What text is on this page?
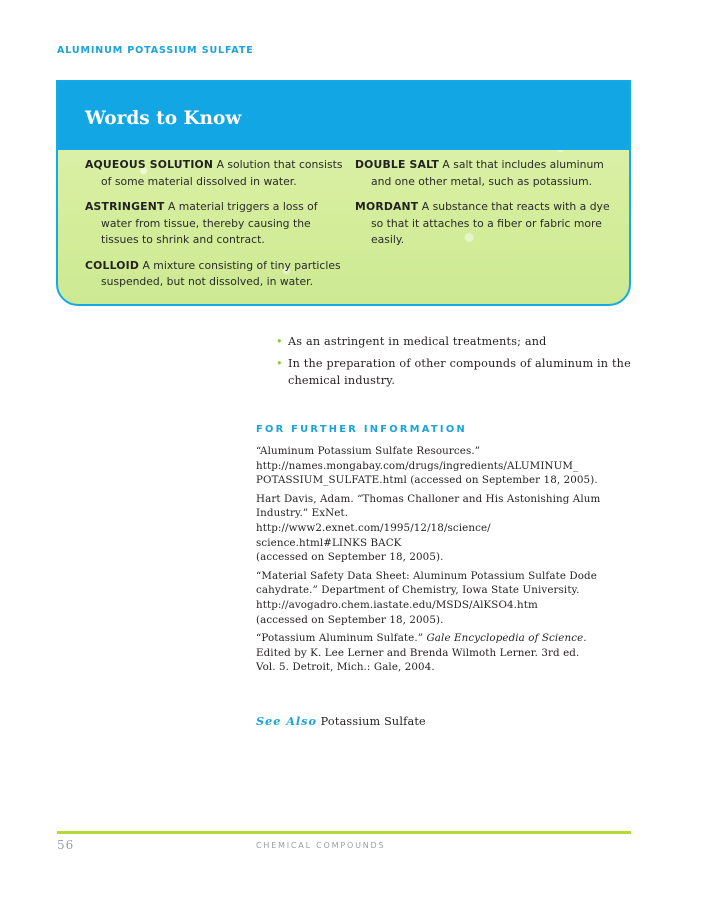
ALUMINUM POTASSIUM SULFATE
Words to Know

AQUEOUS SOLUTION A solution that consists of some material dissolved in water.

ASTRINGENT A material triggers a loss of water from tissue, thereby causing the tissues to shrink and contract.

COLLOID A mixture consisting of tiny particles suspended, but not dissolved, in water.

DOUBLE SALT A salt that includes aluminum and one other metal, such as potassium.

MORDANT A substance that reacts with a dye so that it attaches to a fiber or fabric more easily.

• As an astringent in medical treatments; and
• In the preparation of other compounds of aluminum in the chemical industry.
FOR FURTHER INFORMATION
“Aluminum Potassium Sulfate Resources.”
http://names.mongabay.com/drugs/ingredients/ALUMINUM_
POTASSIUM_SULFATE.html (accessed on September 18, 2005).
Hart Davis, Adam. “Thomas Challoner and His Astonishing Alum
Industry.” ExNet.
http://www2.exnet.com/1995/12/18/science/
science.html#LINKS BACK
(accessed on September 18, 2005).
“Material Safety Data Sheet: Aluminum Potassium Sulfate Dode
cahydrate.” Department of Chemistry, Iowa State University.
http://avogadro.chem.iastate.edu/MSDS/AlKSO4.htm
(accessed on September 18, 2005).
“Potassium Aluminum Sulfate.” Gale Encyclopedia of Science.
Edited by K. Lee Lerner and Brenda Wilmoth Lerner. 3rd ed.
Vol. 5. Detroit, Mich.: Gale, 2004.
See Also Potassium Sulfate
56	CHEMICAL COMPOUNDS
